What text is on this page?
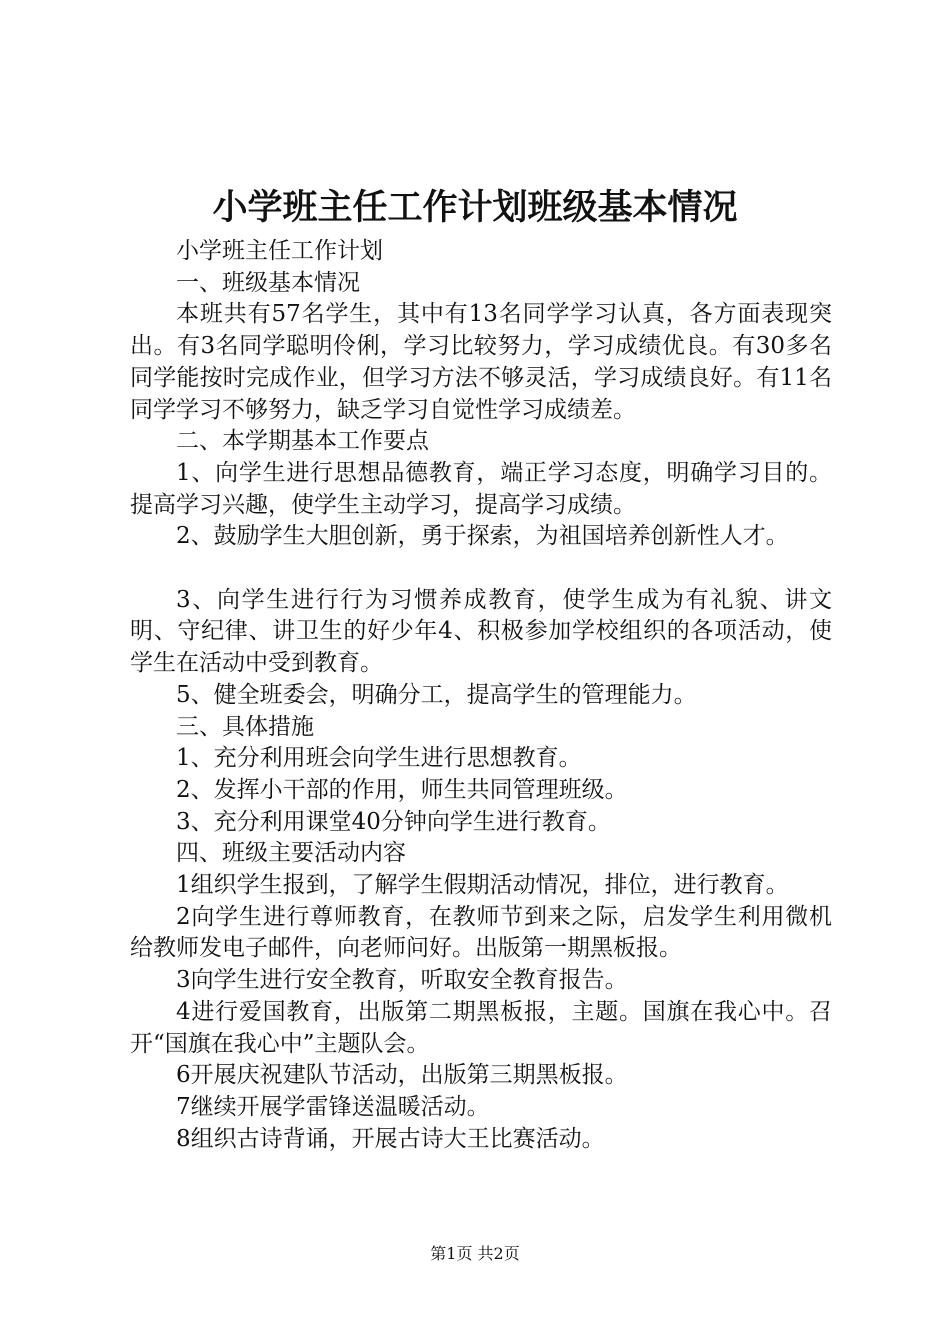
小学班主任工作计划班级基本情况

小学班主任工作计划

一、班级基本情况

本班共有57名学生，其中有13名同学学习认真，各方面表现突出。有3名同学聪明伶俐，学习比较努力，学习成绩优良。有30多名同学能按时完成作业，但学习方法不够灵活，学习成绩良好。有11名同学学习不够努力，缺乏学习自觉性学习成绩差。

二、本学期基本工作要点

1、向学生进行思想品德教育，端正学习态度，明确学习目的。提高学习兴趣，使学生主动学习，提高学习成绩。

2、鼓励学生大胆创新，勇于探索，为祖国培养创新性人才。

3、向学生进行行为习惯养成教育，使学生成为有礼貌、讲文明、守纪律、讲卫生的好少年4、积极参加学校组织的各项活动，使学生在活动中受到教育。

5、健全班委会，明确分工，提高学生的管理能力。

三、具体措施

1、充分利用班会向学生进行思想教育。

2、发挥小干部的作用，师生共同管理班级。

3、充分利用课堂40分钟向学生进行教育。

四、班级主要活动内容

1组织学生报到，了解学生假期活动情况，排位，进行教育。

2向学生进行尊师教育，在教师节到来之际，启发学生利用微机给教师发电子邮件，向老师问好。出版第一期黑板报。

3向学生进行安全教育，听取安全教育报告。

4进行爱国教育，出版第二期黑板报，主题。国旗在我心中。召开“国旗在我心中”主题队会。

6开展庆祝建队节活动，出版第三期黑板报。

7继续开展学雷锋送温暖活动。

8组织古诗背诵，开展古诗大王比赛活动。

第1页 共2页
